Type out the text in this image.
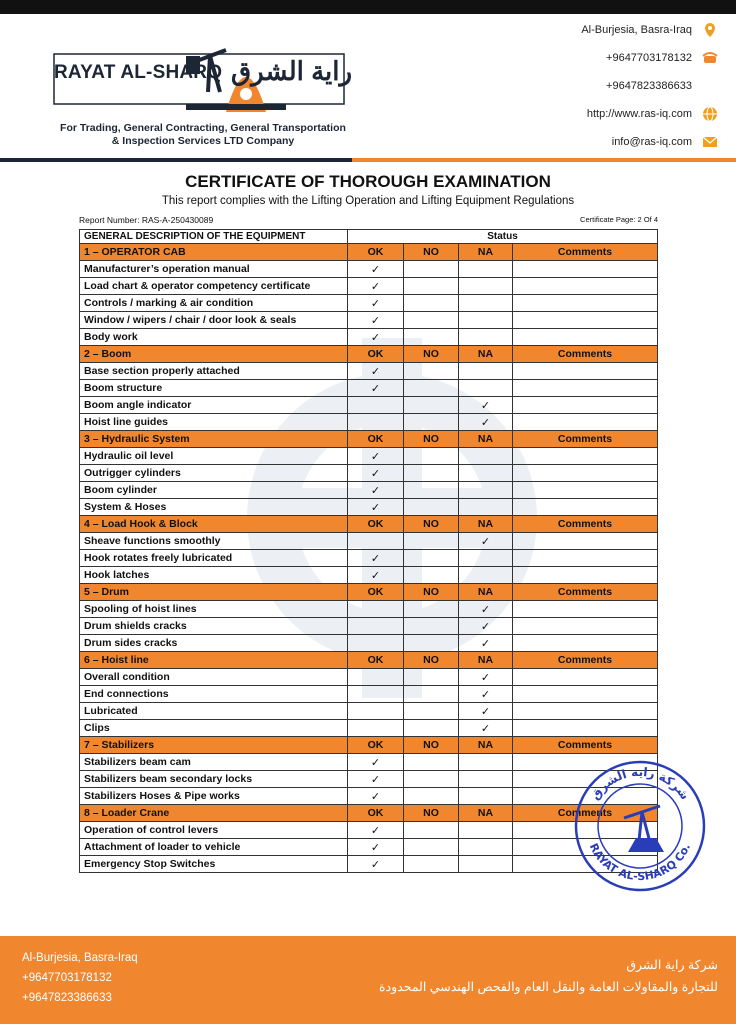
RAYAT AL-SHARQ راية الشرق
For Trading, General Contracting, General Transportation
& Inspection Services LTD Company
Al-Burjesia, Basra-Iraq
+9647703178132
+9647823386633
http://www.ras-iq.com
info@ras-iq.com
CERTIFICATE OF THOROUGH EXAMINATION
This report complies with the Lifting Operation and Lifting Equipment Regulations
Report Number: RAS-A-250430089	Certificate Page: 2 Of 4
GENERAL DESCRIPTION OF THE EQUIPMENT	Status			
1 – OPERATOR CAB	OK	NO	NA	Comments
Manufacturer’s operation manual	✓			
Load chart & operator competency certificate	✓			
Controls / marking & air condition	✓			
Window / wipers / chair / door look & seals	✓			
Body work	✓			
2 – Boom	OK	NO	NA	Comments
Base section properly attached	✓			
Boom structure	✓			
Boom angle indicator			✓	
Hoist line guides			✓	
3 – Hydraulic System	OK	NO	NA	Comments
Hydraulic oil level	✓			
Outrigger cylinders	✓			
Boom cylinder	✓			
System & Hoses	✓			
4 – Load Hook & Block	OK	NO	NA	Comments
Sheave functions smoothly			✓	
Hook rotates freely lubricated	✓			
Hook latches	✓			
5 – Drum	OK	NO	NA	Comments
Spooling of hoist lines			✓	
Drum shields cracks			✓	
Drum sides cracks			✓	
6 – Hoist line	OK	NO	NA	Comments
Overall condition			✓	
End connections			✓	
Lubricated			✓	
Clips			✓	
7 – Stabilizers	OK	NO	NA	Comments
Stabilizers beam cam	✓			
Stabilizers beam secondary locks	✓			
Stabilizers Hoses & Pipe works	✓			
8 – Loader Crane	OK	NO	NA	Comments
Operation of control levers	✓			
Attachment of loader to vehicle	✓			
Emergency Stop Switches	✓			
شركة راية الشرق
RAYAT AL-SHARQ Co.
Al-Burjesia, Basra-Iraq
+9647703178132
+9647823386633
شركة راية الشرق
للتجارة والمقاولات العامة والنقل العام والفحص الهندسي المحدودة
